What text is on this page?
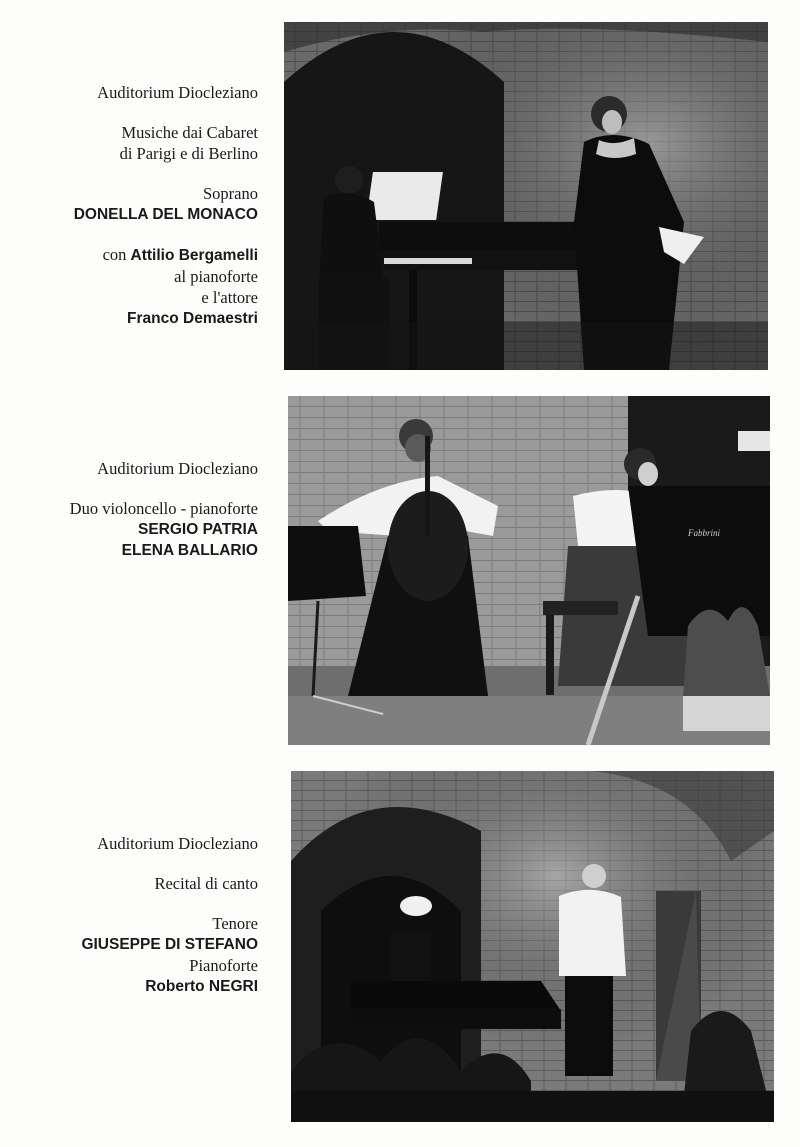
Auditorium Diocleziano
Musiche dai Cabaret
di Parigi e di Berlino
Soprano
DONELLA DEL MONACO
con Attilio Bergamelli
al pianoforte
e l'attore
Franco Demaestri
Auditorium Diocleziano
Duo violoncello - pianoforte
SERGIO PATRIA
ELENA BALLARIO
Fabbrini
Auditorium Diocleziano
Recital di canto
Tenore
GIUSEPPE DI STEFANO
Pianoforte
Roberto NEGRI
